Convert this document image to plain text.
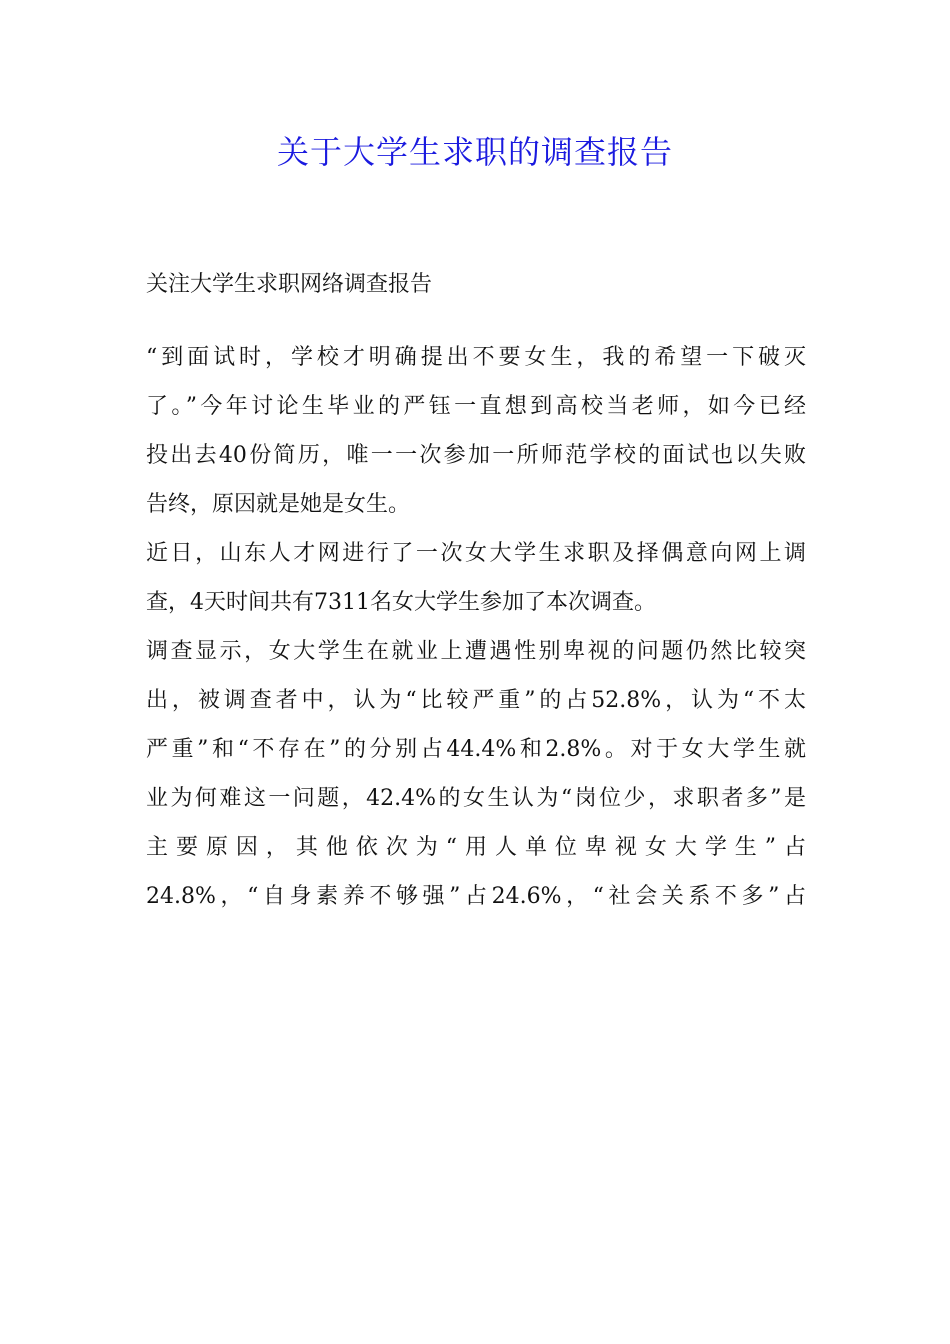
关于大学生求职的调查报告
关注大学生求职网络调查报告
“到面试时，学校才明确提出不要女生，我的希望一下破灭
了。”今年讨论生毕业的严钰一直想到高校当老师，如今已经
投出去40份简历，唯一一次参加一所师范学校的面试也以失败
告终，原因就是她是女生。
近日，山东人才网进行了一次女大学生求职及择偶意向网上调
查，4天时间共有7311名女大学生参加了本次调查。
调查显示，女大学生在就业上遭遇性别卑视的问题仍然比较突
出，被调查者中，认为“比较严重”的占52.8%，认为“不太
严重”和“不存在”的分别占44.4%和2.8%。对于女大学生就
业为何难这一问题，42.4%的女生认为“岗位少，求职者多”是
主要原因，其他依次为“用人单位卑视女大学生”占
24.8%，“自身素养不够强”占24.6%，“社会关系不多”占
